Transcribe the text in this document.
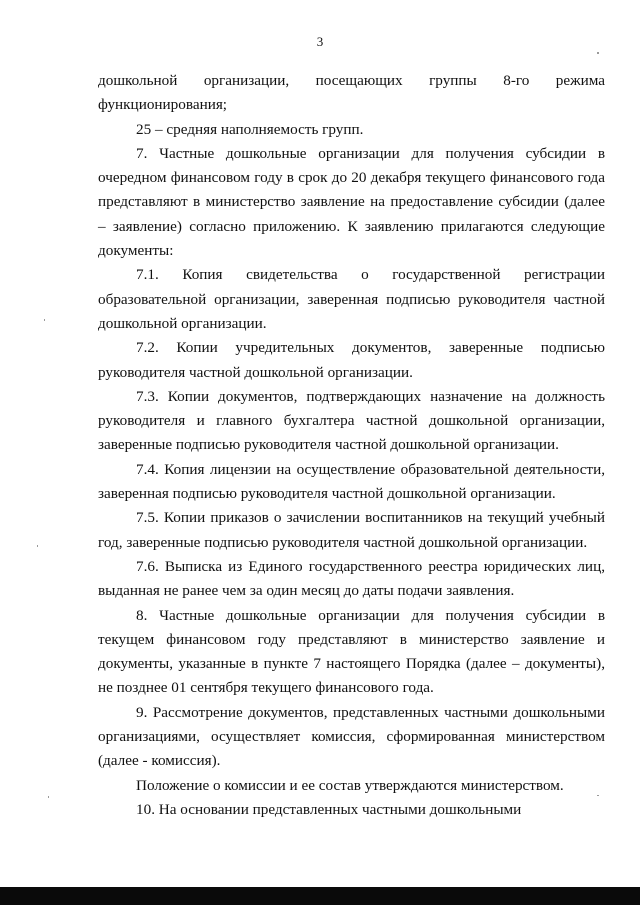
3

дошкольной организации, посещающих группы 8-го режима функционирования;

25 – средняя наполняемость групп.

7. Частные дошкольные организации для получения субсидии в очередном финансовом году в срок до 20 декабря текущего финансового года представляют в министерство заявление на предоставление субсидии (далее – заявление) согласно приложению. К заявлению прилагаются следующие документы:

7.1. Копия свидетельства о государственной регистрации образовательной организации, заверенная подписью руководителя частной дошкольной организации.

7.2. Копии учредительных документов, заверенные подписью руководителя частной дошкольной организации.

7.3. Копии документов, подтверждающих назначение на должность руководителя и главного бухгалтера частной дошкольной организации, заверенные подписью руководителя частной дошкольной организации.

7.4. Копия лицензии на осуществление образовательной деятельности, заверенная подписью руководителя частной дошкольной организации.

7.5. Копии приказов о зачислении воспитанников на текущий учебный год, заверенные подписью руководителя частной дошкольной организации.

7.6. Выписка из Единого государственного реестра юридических лиц, выданная не ранее чем за один месяц до даты подачи заявления.

8. Частные дошкольные организации для получения субсидии в текущем финансовом году представляют в министерство заявление и документы, указанные в пункте 7 настоящего Порядка (далее – документы), не позднее 01 сентября текущего финансового года.

9. Рассмотрение документов, представленных частными дошкольными организациями, осуществляет комиссия, сформированная министерством (далее - комиссия).

Положение о комиссии и ее состав утверждаются министерством.

10. На основании представленных частными дошкольными
